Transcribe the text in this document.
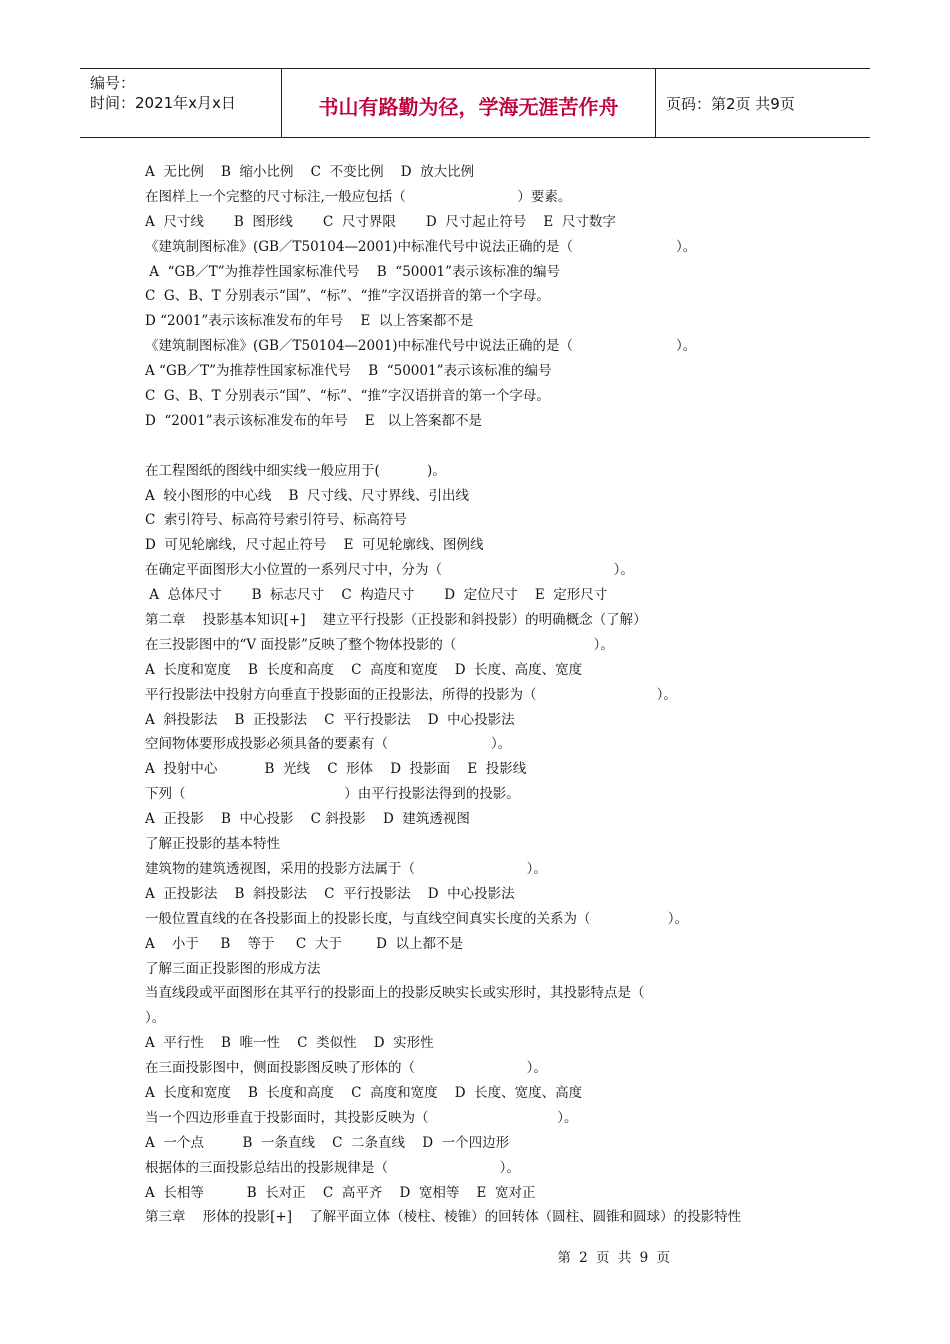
编号：
时间：2021年x月x日	书山有路勤为径，学海无涯苦作舟	页码：第2页 共9页
A  无比例    B  缩小比例    C  不变比例    D  放大比例
在图样上一个完整的尺寸标注,一般应包括（                          ）要素。
A  尺寸线       B  图形线       C  尺寸界限       D  尺寸起止符号    E  尺寸数字
《建筑制图标准》(GB／T50104—2001)中标准代号中说法正确的是（                        ）。
A  “GB／T”为推荐性国家标准代号    B  “50001”表示该标准的编号
C  G、B、T 分别表示“国”、“标”、“推”字汉语拼音的第一个字母。
D “2001”表示该标准发布的年号    E  以上答案都不是
《建筑制图标准》(GB／T50104—2001)中标准代号中说法正确的是（                        ）。
A “GB／T”为推荐性国家标准代号    B  “50001”表示该标准的编号
C  G、B、T 分别表示“国”、“标”、“推”字汉语拼音的第一个字母。
D  “2001”表示该标准发布的年号    E   以上答案都不是
在工程图纸的图线中细实线一般应用于(           )。
A  较小图形的中心线    B  尺寸线、尺寸界线、引出线
C  索引符号、标高符号索引符号、标高符号
D  可见轮廓线，尺寸起止符号    E  可见轮廓线、图例线
在确定平面图形大小位置的一系列尺寸中，分为（                                        ）。
A  总体尺寸       B  标志尺寸    C  构造尺寸       D  定位尺寸    E  定形尺寸
第二章    投影基本知识[+]    建立平行投影（正投影和斜投影）的明确概念（了解）
在三投影图中的“V 面投影”反映了整个物体投影的（                                ）。
A  长度和宽度    B  长度和高度    C  高度和宽度    D  长度、高度、宽度
平行投影法中投射方向垂直于投影面的正投影法，所得的投影为（                            ）。
A  斜投影法    B  正投影法    C  平行投影法    D  中心投影法
空间物体要形成投影必须具备的要素有（                        ）。
A  投射中心           B  光线    C  形体    D  投影面    E  投影线
下列（                                     ）由平行投影法得到的投影。
A  正投影    B  中心投影    C 斜投影    D  建筑透视图
了解正投影的基本特性
建筑物的建筑透视图，采用的投影方法属于（                          ）。
A  正投影法    B  斜投影法    C  平行投影法    D  中心投影法
一般位置直线的在各投影面上的投影长度，与直线空间真实长度的关系为（                  ）。
A    小于     B    等于     C  大于        D  以上都不是
了解三面正投影图的形成方法
当直线段或平面图形在其平行的投影面上的投影反映实长或实形时，其投影特点是（
）。
A  平行性    B  唯一性    C  类似性    D  实形性
在三面投影图中，侧面投影图反映了形体的（                          ）。
A  长度和宽度    B  长度和高度    C  高度和宽度    D  长度、宽度、高度
当一个四边形垂直于投影面时，其投影反映为（                              ）。
A  一个点         B  一条直线    C  二条直线    D  一个四边形
根据体的三面投影总结出的投影规律是（                          ）。
A  长相等          B  长对正    C  高平齐    D  宽相等    E  宽对正
第三章    形体的投影[+]    了解平面立体（棱柱、棱锥）的回转体（圆柱、圆锥和圆球）的投影特性
第 2 页 共 9 页
